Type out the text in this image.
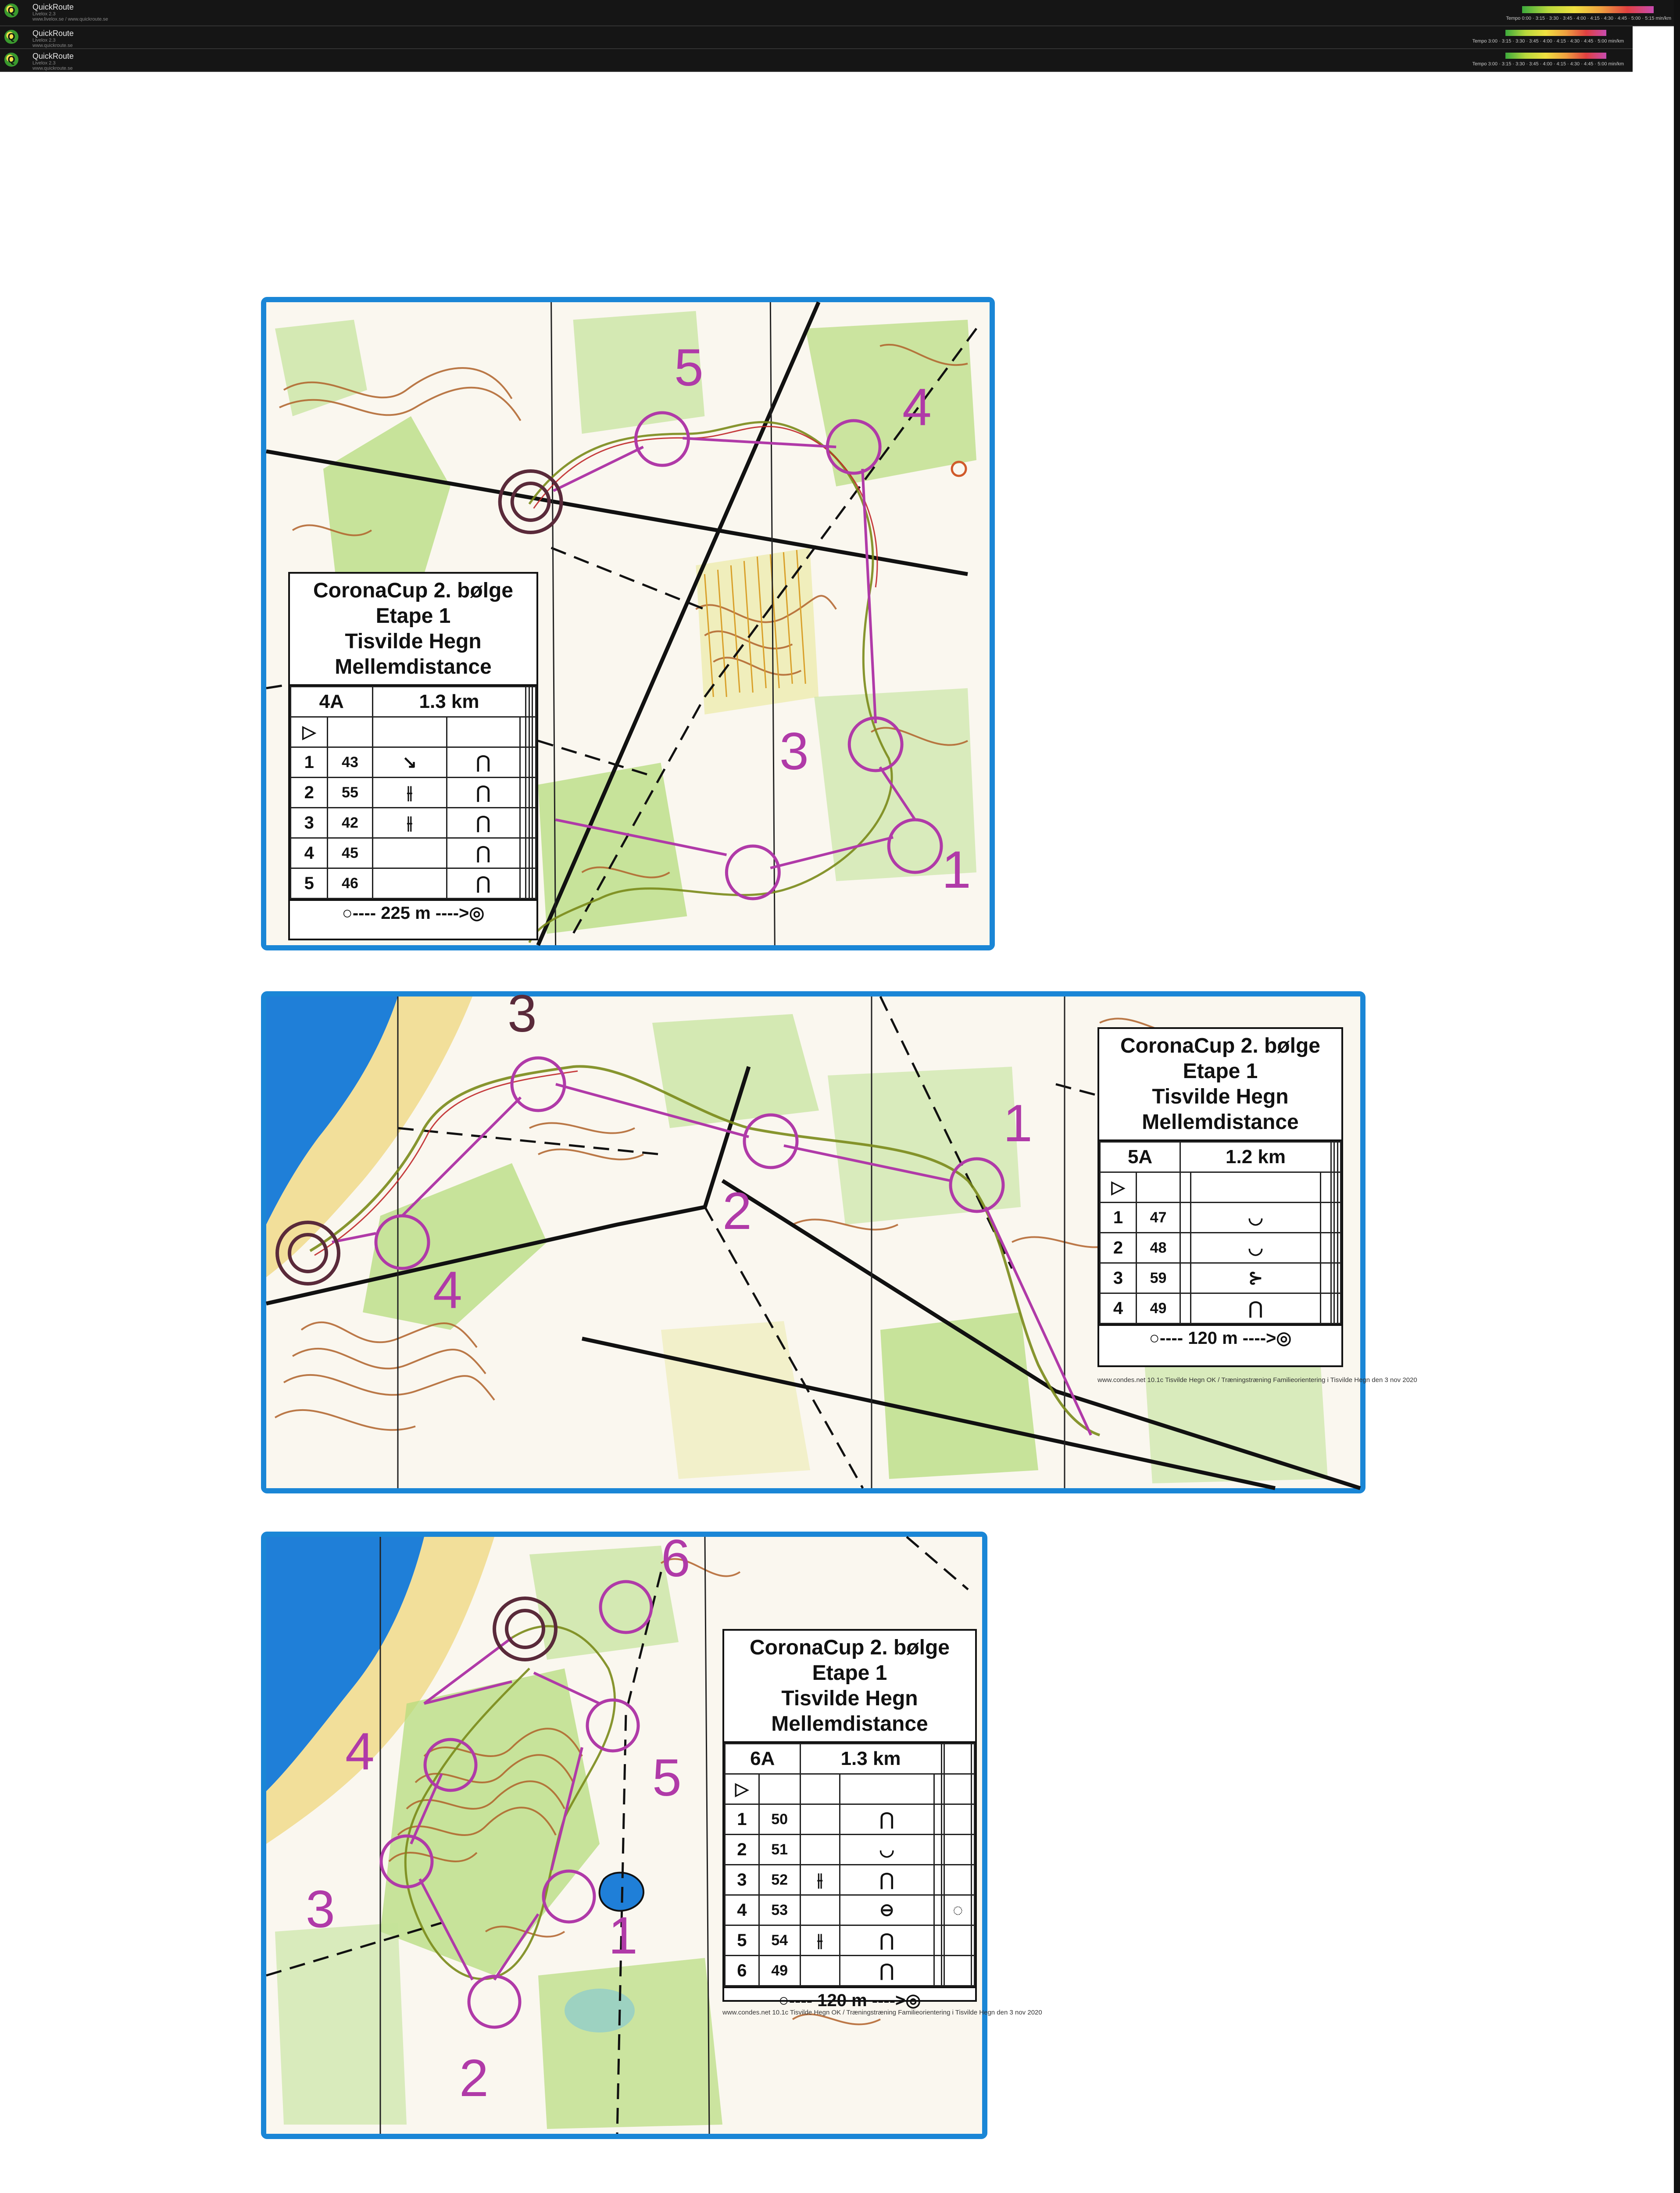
Q	QuickRoute
Livelox 2.3
www.livelox.se / www.quickroute.se	Tempo 0:00 · 3:15 · 3:30 · 3:45 · 4:00 · 4:15 · 4:30 · 4:45 · 5:00 · 5:15 min/km
Q	QuickRoute
Livelox 2.3
www.quickroute.se
Tempo 3:00 · 3:15 · 3:30 · 3:45 · 4:00 · 4:15 · 4:30 · 4:45 · 5:00 min/km
Q	QuickRoute
Livelox 2.3
www.quickroute.se
Tempo 3:00 · 3:15 · 3:30 · 3:45 · 4:00 · 4:15 · 4:30 · 4:45 · 5:00 min/km
1
3
4
5
CoronaCup 2. bølge
Etape 1
Tisvilde Hegn
Mellemdistance
4A		1.3 km					
▷							
1	43	↘	⋂				
2	55	⫲	⋂				
3	42	⫲	⋂				
4	45		⋂				
5	46		⋂				
○---- 225 m ---->◎
1
2
3
4
CoronaCup 2. bølge
Etape 1
Tisvilde Hegn
Mellemdistance
5A		1.2 km					
▷							
1	47		◡				
2	48		◡				
3	59		⊱				
4	49		⋂				
○---- 120 m ---->◎
www.condes.net 10.1c Tisvilde Hegn OK / Træningstræning Familieorientering i Tisvilde Hegn den 3 nov 2020
1
2
3
4	5
6
CoronaCup 2. bølge
Etape 1
Tisvilde Hegn
Mellemdistance
6A		1.3 km					
▷							
1	50		⋂				
2	51		◡				
3	52	⫲	⋂				
4	53		⊖			◌	
5	54	⫲	⋂				
6	49		⋂				
○---- 120 m ---->◎
www.condes.net 10.1c Tisvilde Hegn OK / Træningstræning Familieorientering i Tisvilde Hegn den 3 nov 2020
